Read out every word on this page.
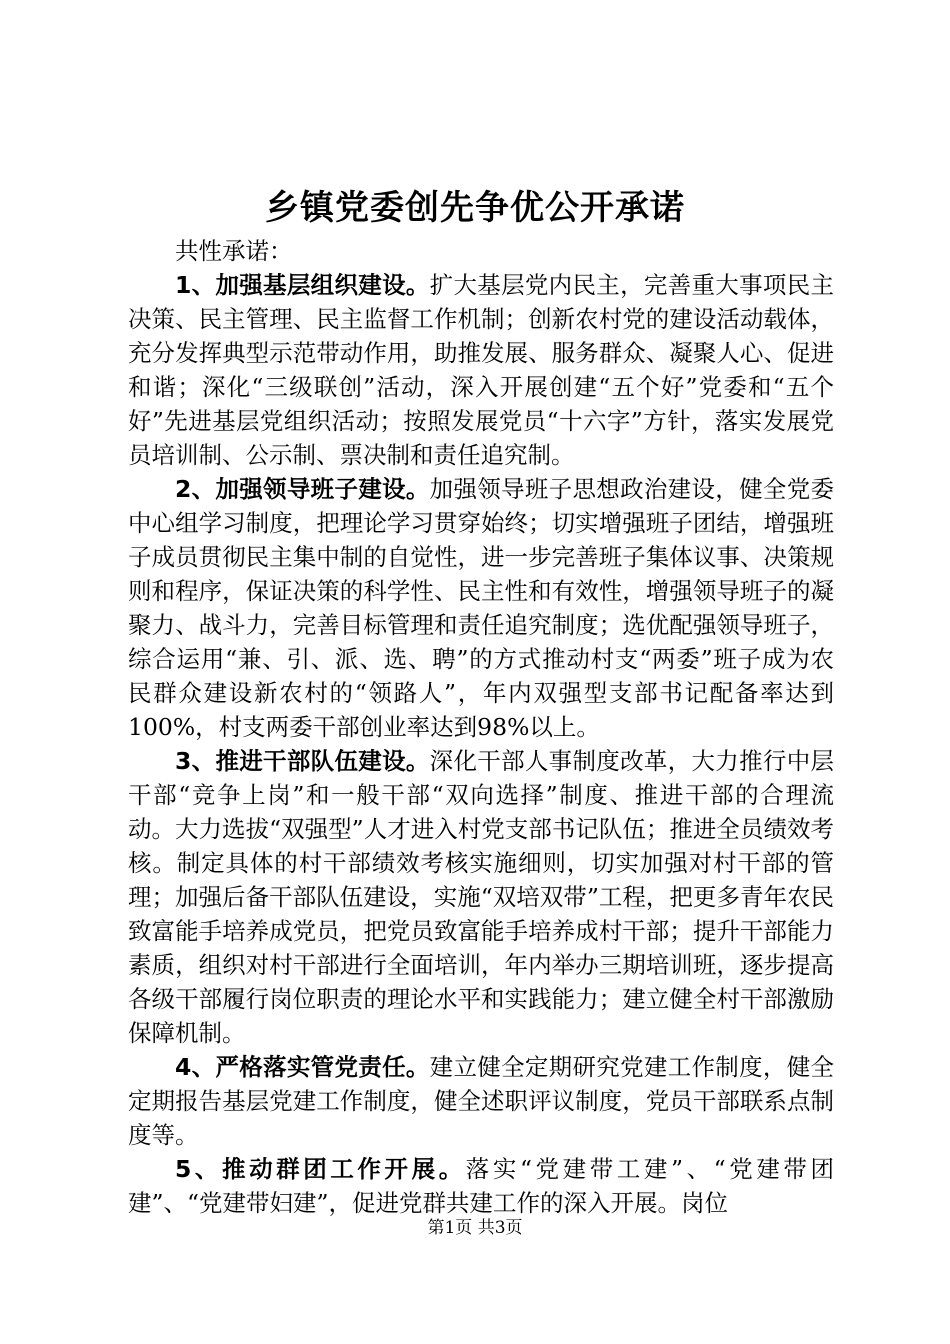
乡镇党委创先争优公开承诺

共性承诺：

1、加强基层组织建设。扩大基层党内民主，完善重大事项民主决策、民主管理、民主监督工作机制；创新农村党的建设活动载体，充分发挥典型示范带动作用，助推发展、服务群众、凝聚人心、促进和谐；深化“三级联创”活动，深入开展创建“五个好”党委和“五个好”先进基层党组织活动；按照发展党员“十六字”方针，落实发展党员培训制、公示制、票决制和责任追究制。

2、加强领导班子建设。加强领导班子思想政治建设，健全党委中心组学习制度，把理论学习贯穿始终；切实增强班子团结，增强班子成员贯彻民主集中制的自觉性，进一步完善班子集体议事、决策规则和程序，保证决策的科学性、民主性和有效性，增强领导班子的凝聚力、战斗力，完善目标管理和责任追究制度；选优配强领导班子，综合运用“兼、引、派、选、聘”的方式推动村支“两委”班子成为农民群众建设新农村的“领路人”，年内双强型支部书记配备率达到100%，村支两委干部创业率达到98%以上。

3、推进干部队伍建设。深化干部人事制度改革，大力推行中层干部“竞争上岗”和一般干部“双向选择”制度、推进干部的合理流动。大力选拔“双强型”人才进入村党支部书记队伍；推进全员绩效考核。制定具体的村干部绩效考核实施细则，切实加强对村干部的管理；加强后备干部队伍建设，实施“双培双带”工程，把更多青年农民致富能手培养成党员，把党员致富能手培养成村干部；提升干部能力素质，组织对村干部进行全面培训，年内举办三期培训班，逐步提高各级干部履行岗位职责的理论水平和实践能力；建立健全村干部激励保障机制。

4、严格落实管党责任。建立健全定期研究党建工作制度，健全定期报告基层党建工作制度，健全述职评议制度，党员干部联系点制度等。

5、推动群团工作开展。落实“党建带工建”、“党建带团建”、“党建带妇建”，促进党群共建工作的深入开展。岗位

第1页 共3页
